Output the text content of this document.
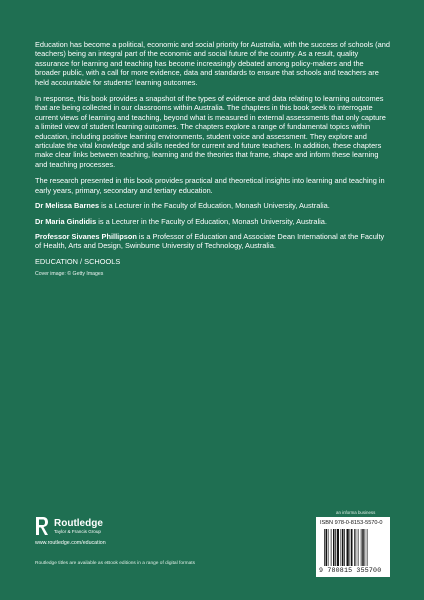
Education has become a political, economic and social priority for Australia, with the success of schools (and teachers) being an integral part of the economic and social future of the country. As a result, quality assurance for learning and teaching has become increasingly debated among policy-makers and the broader public, with a call for more evidence, data and standards to ensure that schools and teachers are held accountable for students' learning outcomes.

In response, this book provides a snapshot of the types of evidence and data relating to learning outcomes that are being collected in our classrooms within Australia. The chapters in this book seek to interrogate current views of learning and teaching, beyond what is measured in external assessments that only capture a limited view of student learning outcomes. The chapters explore a range of fundamental topics within education, including positive learning environments, student voice and assessment. They explore and articulate the vital knowledge and skills needed for current and future teachers. In addition, these chapters make clear links between teaching, learning and the theories that frame, shape and inform these learning and teaching processes.

The research presented in this book provides practical and theoretical insights into learning and teaching in early years, primary, secondary and tertiary education.

Dr Melissa Barnes is a Lecturer in the Faculty of Education, Monash University, Australia.

Dr Maria Gindidis is a Lecturer in the Faculty of Education, Monash University, Australia.

Professor Sivanes Phillipson is a Professor of Education and Associate Dean International at the Faculty of Health, Arts and Design, Swinburne University of Technology, Australia.

EDUCATION / SCHOOLS

Cover image: © Getty Images

Routledge
Taylor & Francis Group
www.routledge.com/education
Routledge titles are available as eBook editions in a range of digital formats
an informa business
ISBN 978-0-8153-5570-0
9 780815 355700
